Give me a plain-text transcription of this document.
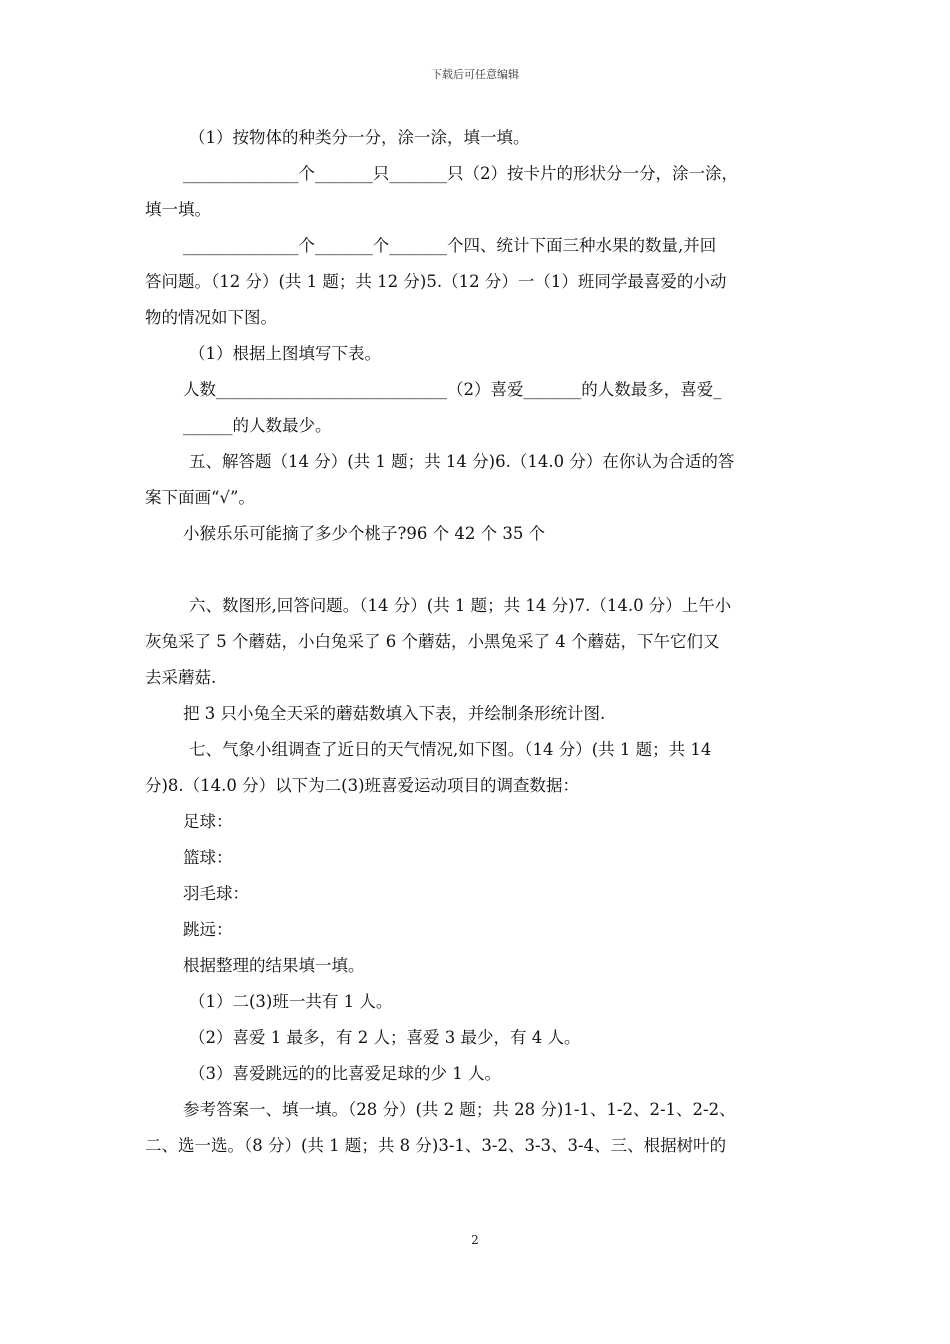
下载后可任意编辑

（1）按物体的种类分一分，涂一涂，填一填。

______________个_______只_______只（2）按卡片的形状分一分，涂一涂，

填一填。

______________个_______个_______个四、统计下面三种水果的数量,并回

答问题。（12 分）(共 1 题；共 12 分)5.（12 分）一（1）班同学最喜爱的小动

物的情况如下图。

（1）根据上图填写下表。

人数____________________________（2）喜爱_______的人数最多，喜爱_

______的人数最少。

五、解答题（14 分）(共 1 题；共 14 分)6.（14.0 分）在你认为合适的答

案下面画“√”。

小猴乐乐可能摘了多少个桃子?96 个 42 个 35 个

六、数图形,回答问题。（14 分）(共 1 题；共 14 分)7.（14.0 分）上午小

灰兔采了 5 个蘑菇，小白兔采了 6 个蘑菇，小黑兔采了 4 个蘑菇，下午它们又

去采蘑菇.

把 3 只小兔全天采的蘑菇数填入下表，并绘制条形统计图.

七、气象小组调查了近日的天气情况,如下图。（14 分）(共 1 题；共 14

分)8.（14.0 分）以下为二(3)班喜爱运动项目的调查数据：

足球：

篮球：

羽毛球：

跳远：

根据整理的结果填一填。

（1）二(3)班一共有 1 人。

（2）喜爱 1 最多，有 2 人；喜爱 3 最少，有 4 人。

（3）喜爱跳远的的比喜爱足球的少 1 人。

参考答案一、填一填。（28 分）(共 2 题；共 28 分)1-1、1-2、2-1、2-2、

二、选一选。（8 分）(共 1 题；共 8 分)3-1、3-2、3-3、3-4、三、根据树叶的

2
